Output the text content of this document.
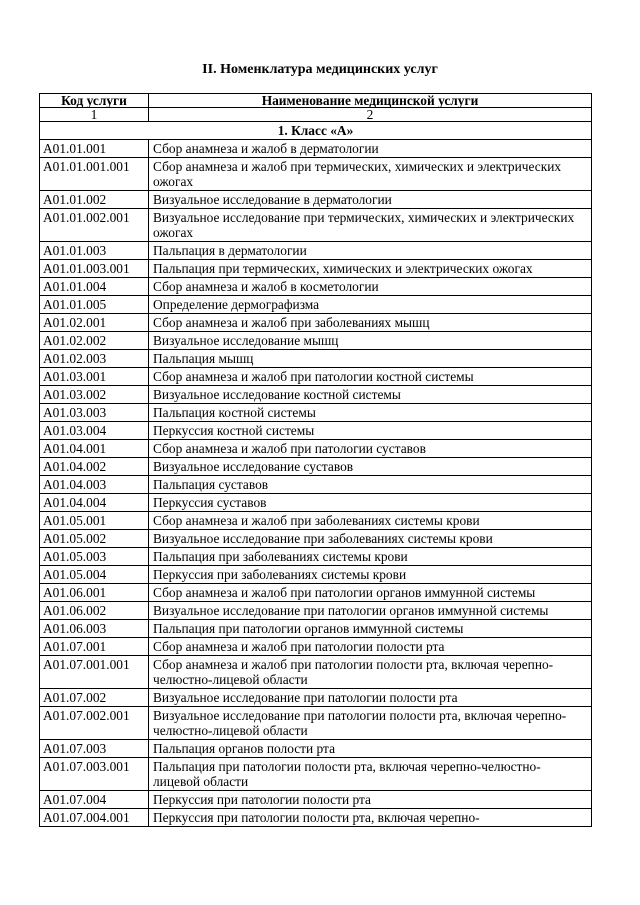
II. Номенклатура медицинских услуг
Код услуги	Наименование медицинской услуги
1	2
1. Класс «А»	
A01.01.001	Сбор анамнеза и жалоб в дерматологии
A01.01.001.001	Сбор анамнеза и жалоб при термических, химических и электрических ожогах
A01.01.002	Визуальное исследование в дерматологии
A01.01.002.001	Визуальное исследование при термических, химических и электрических ожогах
A01.01.003	Пальпация в дерматологии
A01.01.003.001	Пальпация при термических, химических и электрических ожогах
A01.01.004	Сбор анамнеза и жалоб в косметологии
A01.01.005	Определение дермографизма
A01.02.001	Сбор анамнеза и жалоб при заболеваниях мышц
A01.02.002	Визуальное исследование мышц
A01.02.003	Пальпация мышц
A01.03.001	Сбор анамнеза и жалоб при патологии костной системы
A01.03.002	Визуальное исследование костной системы
A01.03.003	Пальпация костной системы
A01.03.004	Перкуссия костной системы
A01.04.001	Сбор анамнеза и жалоб при патологии суставов
A01.04.002	Визуальное исследование суставов
A01.04.003	Пальпация суставов
A01.04.004	Перкуссия суставов
A01.05.001	Сбор анамнеза и жалоб при заболеваниях системы крови
A01.05.002	Визуальное исследование при заболеваниях системы крови
A01.05.003	Пальпация при заболеваниях системы крови
A01.05.004	Перкуссия при заболеваниях системы крови
A01.06.001	Сбор анамнеза и жалоб при патологии органов иммунной системы
A01.06.002	Визуальное исследование при патологии органов иммунной системы
A01.06.003	Пальпация при патологии органов иммунной системы
A01.07.001	Сбор анамнеза и жалоб при патологии полости рта
A01.07.001.001	Сбор анамнеза и жалоб при патологии полости рта, включая черепно-челюстно-лицевой области
A01.07.002	Визуальное исследование при патологии полости рта
A01.07.002.001	Визуальное исследование при патологии полости рта, включая черепно-челюстно-лицевой области
A01.07.003	Пальпация органов полости рта
A01.07.003.001	Пальпация при патологии полости рта, включая черепно-челюстно-лицевой области
A01.07.004	Перкуссия при патологии полости рта
A01.07.004.001	Перкуссия при патологии полости рта, включая черепно-
